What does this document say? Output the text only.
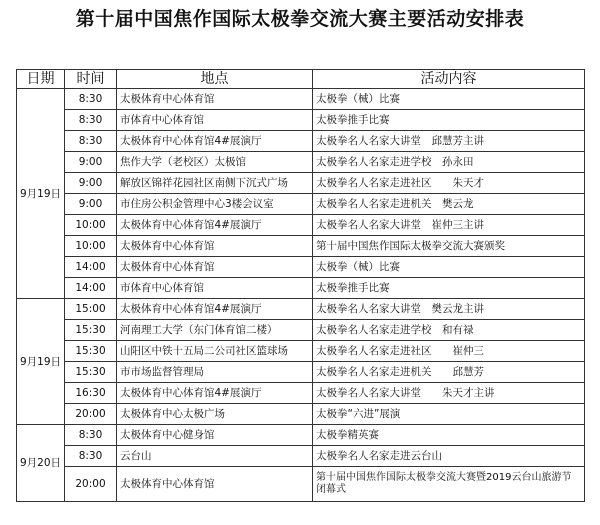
第十届中国焦作国际太极拳交流大赛主要活动安排表
日期	时间	地点	活动内容
9月19日	8:30	太极体育中心体育馆	太极拳（械）比赛
	8:30	市体育中心体育馆	太极拳推手比赛
	8:30	太极体育中心体育馆4#展演厅	太极拳名人名家大讲堂　邱慧芳主讲
	9:00	焦作大学（老校区）太极馆	太极拳名人名家走进学校　孙永田
	9:00	解放区锦祥花园社区南侧下沉式广场	太极拳名人名家走进社区　　朱天才
	9:00	市住房公积金管理中心3楼会议室	太极拳名人名家走进机关　樊云龙
	10:00	太极体育中心体育馆4#展演厅	太极拳名人名家大讲堂　崔仲三主讲
	10:00	太极体育中心体育馆	第十届中国焦作国际太极拳交流大赛颁奖
	14:00	太极体育中心体育馆	太极拳（械）比赛
	14:00	市体育中心体育馆	太极拳推手比赛
9月19日	15:00	太极体育中心体育馆4#展演厅	太极拳名人名家大讲堂　樊云龙主讲
	15:30	河南理工大学（东门体育馆二楼）	太极拳名人名家走进学校　和有禄
	15:30	山阳区中铁十五局二公司社区篮球场	太极拳名人名家走进社区　　崔仲三
	15:30	市市场监督管理局	太极拳名人名家走进机关　　邱慧芳
	16:30	太极体育中心体育馆4#展演厅	太极拳名人名家大讲堂　　朱天才主讲
	20:00	太极体育中心太极广场	太极拳“六进”展演
9月20日	8:30	太极体育中心健身馆	太极拳精英赛
	8:30	云台山	太极拳名人名家走进云台山
	20:00	太极体育中心体育馆	第十届中国焦作国际太极拳交流大赛暨2019云台山旅游节闭幕式
